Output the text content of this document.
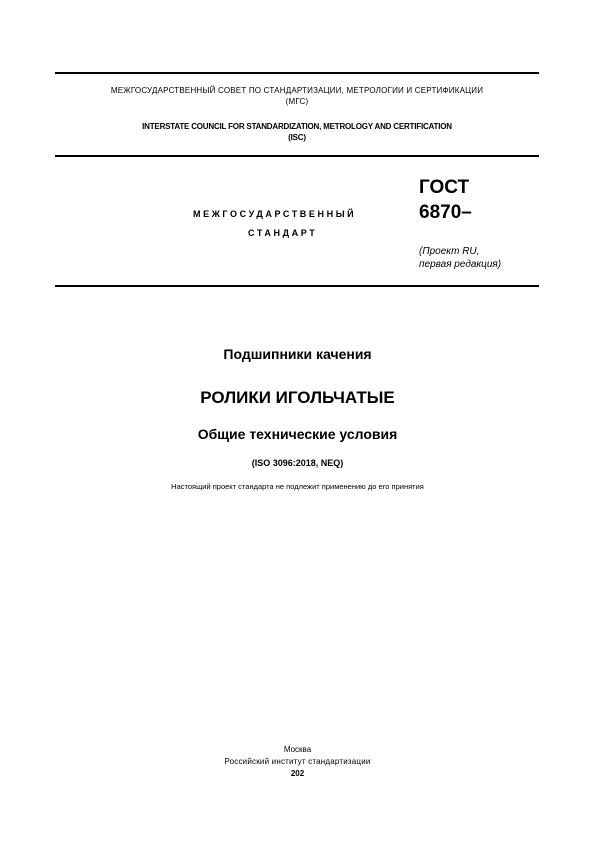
МЕЖГОСУДАРСТВЕННЫЙ СОВЕТ ПО СТАНДАРТИЗАЦИИ, МЕТРОЛОГИИ И СЕРТИФИКАЦИИ
(МГС)
INTERSTATE COUNCIL FOR STANDARDIZATION, METROLOGY AND CERTIFICATION
(ISC)
МЕЖГОСУДАРСТВЕННЫЙ
СТАНДАРТ
ГОСТ
6870–
(Проект RU,
первая редакция)
Подшипники качения
РОЛИКИ ИГОЛЬЧАТЫЕ
Общие технические условия
(ISO 3096:2018, NEQ)
Настоящий проект стандарта не подлежит применению до его принятия
Москва
Российский институт стандартизации
202
